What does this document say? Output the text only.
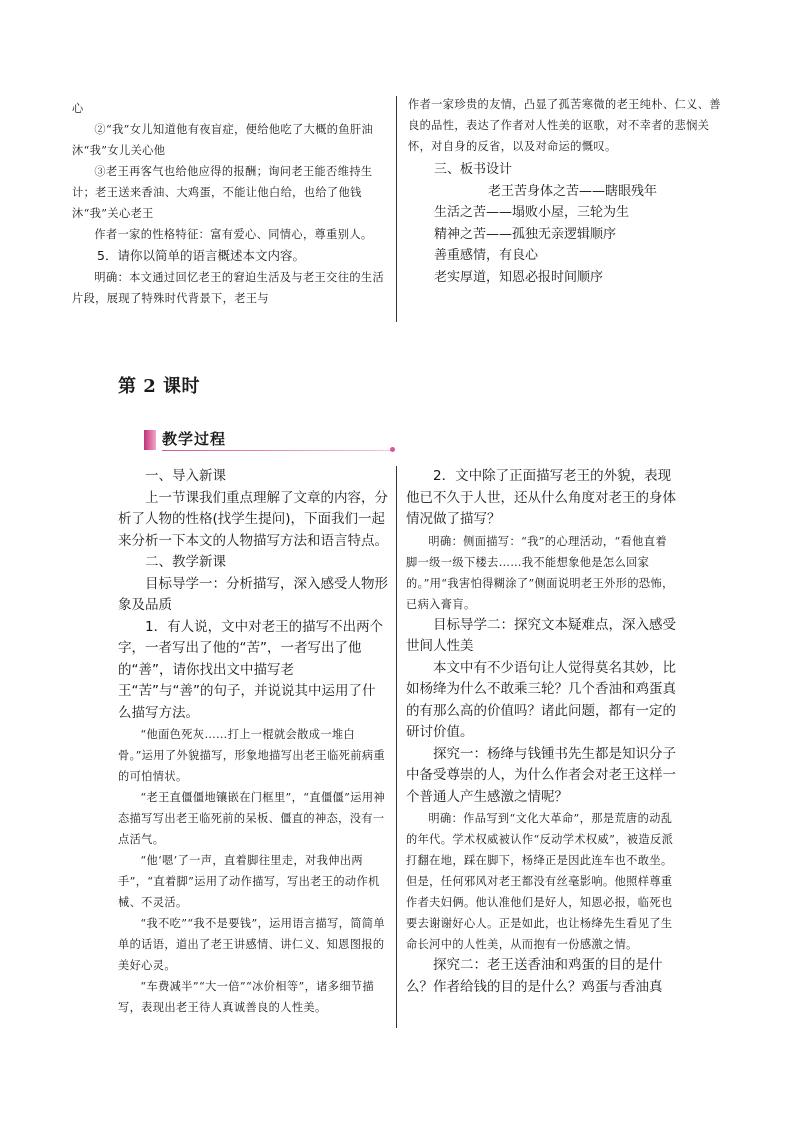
心

②“我”女儿知道他有夜盲症，便给他吃了大概的鱼肝油沐“我”女儿关心他

③老王再客气也给他应得的报酬；询问老王能否维持生计；老王送来香油、大鸡蛋，不能让他白给，也给了他钱沐“我”关心老王

作者一家的性格特征：富有爱心、同情心，尊重别人。

5．请你以简单的语言概述本文内容。

明确：本文通过回忆老王的窘迫生活及与老王交往的生活片段，展现了特殊时代背景下，老王与

作者一家珍贵的友情，凸显了孤苦寒微的老王纯朴、仁义、善良的品性，表达了作者对人性美的讴歌，对不幸者的悲悯关怀，对自身的反省，以及对命运的慨叹。

三、板书设计

老王苦身体之苦——瞎眼残年

生活之苦——塌败小屋，三轮为生

精神之苦——孤独无亲逻辑顺序

善重感情，有良心

老实厚道，知恩必报时间顺序

第 2 课时
教学过程

一、导入新课

上一节课我们重点理解了文章的内容，分析了人物的性格(找学生提问)，下面我们一起来分析一下本文的人物描写方法和语言特点。

二、教学新课

目标导学一：分析描写，深入感受人物形象及品质

1．有人说，文中对老王的描写不出两个字，一者写出了他的“苦”，一者写出了他的“善”，请你找出文中描写老王“苦”与“善”的句子，并说说其中运用了什么描写方法。

“他面色死灰……打上一棍就会散成一堆白骨。”运用了外貌描写，形象地描写出老王临死前病重的可怕情状。

“老王直僵僵地镶嵌在门框里”，“直僵僵”运用神态描写写出老王临死前的呆板、僵直的神态，没有一点活气。

“他‘嗯’了一声，直着脚往里走，对我伸出两手”，“直着脚”运用了动作描写，写出老王的动作机械、不灵活。

“我不吃”“我不是要钱”，运用语言描写，简简单单的话语，道出了老王讲感情、讲仁义、知恩图报的美好心灵。

“车费减半”“大一倍”“冰价相等”，诸多细节描写，表现出老王待人真诚善良的人性美。

2．文中除了正面描写老王的外貌，表现他已不久于人世，还从什么角度对老王的身体情况做了描写？

明确：侧面描写：“我”的心理活动，“看他直着脚一级一级下楼去……我不能想象他是怎么回家的。”用“我害怕得糊涂了”侧面说明老王外形的恐怖，已病入膏肓。

目标导学二：探究文本疑难点，深入感受世间人性美

本文中有不少语句让人觉得莫名其妙，比如杨绛为什么不敢乘三轮？几个香油和鸡蛋真的有那么高的价值吗？诸此问题，都有一定的研讨价值。

探究一：杨绛与钱锺书先生都是知识分子中备受尊崇的人，为什么作者会对老王这样一个普通人产生感激之情呢？

明确：作品写到“文化大革命”，那是荒唐的动乱的年代。学术权威被认作“反动学术权威”，被造反派打翻在地，踩在脚下，杨绛正是因此连车也不敢坐。但是，任何邪风对老王都没有丝毫影响。他照样尊重作者夫妇俩。他认准他们是好人，知恩必报，临死也要去谢谢好心人。正是如此，也让杨绛先生看见了生命长河中的人性美，从而抱有一份感激之情。

探究二：老王送香油和鸡蛋的目的是什么？作者给钱的目的是什么？鸡蛋与香油真
